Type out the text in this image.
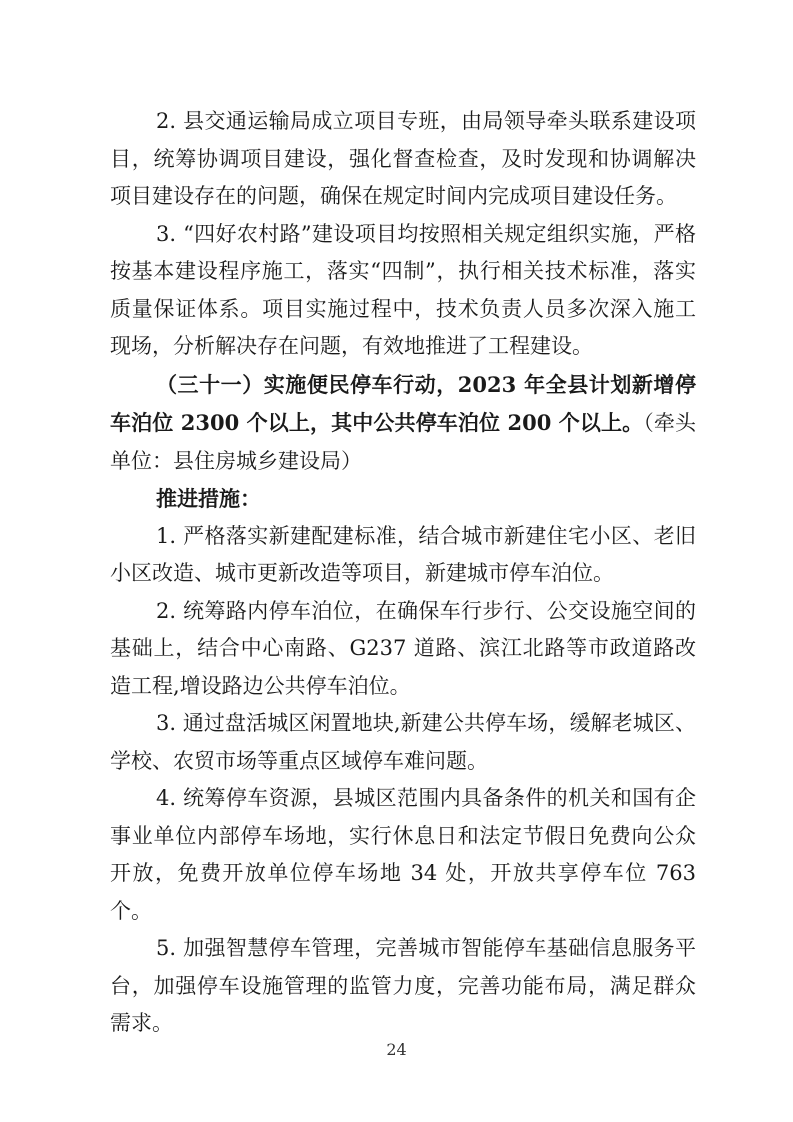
2. 县交通运输局成立项目专班，由局领导牵头联系建设项目，统筹协调项目建设，强化督查检查，及时发现和协调解决项目建设存在的问题，确保在规定时间内完成项目建设任务。

3. “四好农村路”建设项目均按照相关规定组织实施，严格按基本建设程序施工，落实“四制”，执行相关技术标准，落实质量保证体系。项目实施过程中，技术负责人员多次深入施工现场，分析解决存在问题，有效地推进了工程建设。

（三十一）实施便民停车行动，2023 年全县计划新增停车泊位 2300 个以上，其中公共停车泊位 200 个以上。（牵头单位：县住房城乡建设局）

推进措施：

1. 严格落实新建配建标准，结合城市新建住宅小区、老旧小区改造、城市更新改造等项目，新建城市停车泊位。

2. 统筹路内停车泊位，在确保车行步行、公交设施空间的基础上，结合中心南路、G237 道路、滨江北路等市政道路改造工程,增设路边公共停车泊位。

3. 通过盘活城区闲置地块,新建公共停车场，缓解老城区、学校、农贸市场等重点区域停车难问题。

4. 统筹停车资源，县城区范围内具备条件的机关和国有企事业单位内部停车场地，实行休息日和法定节假日免费向公众开放，免费开放单位停车场地 34 处，开放共享停车位 763 个。

5. 加强智慧停车管理，完善城市智能停车基础信息服务平台，加强停车设施管理的监管力度，完善功能布局，满足群众需求。

24
